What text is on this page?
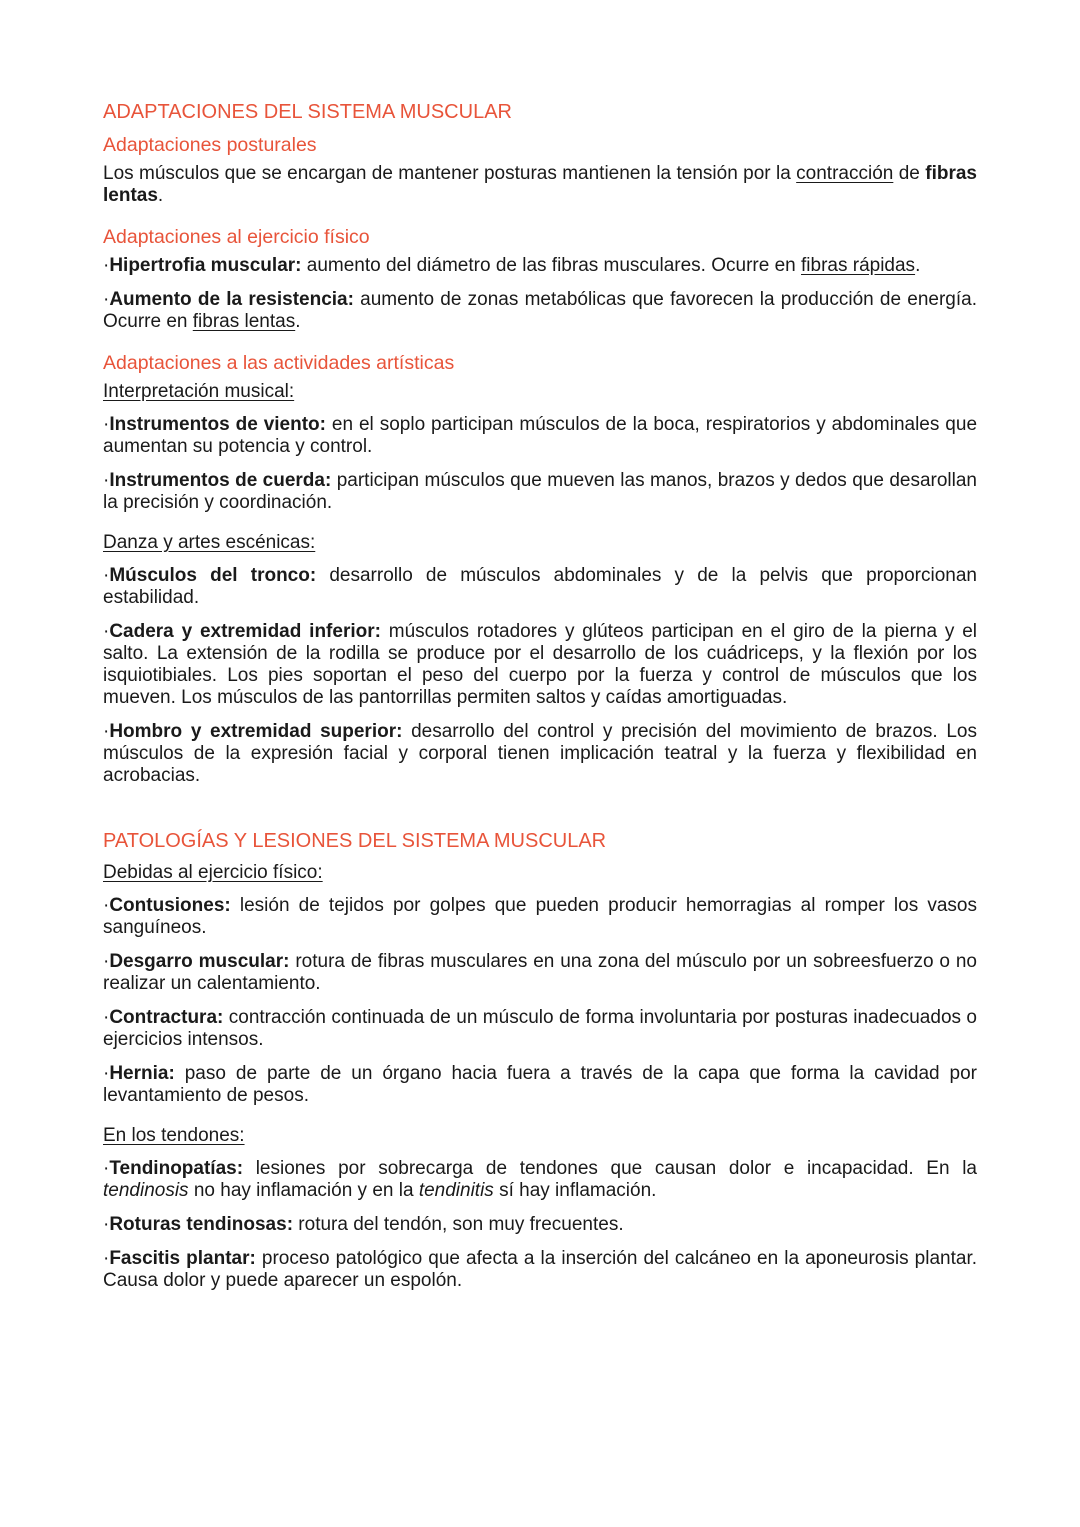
ADAPTACIONES DEL SISTEMA MUSCULAR
Adaptaciones posturales

Los músculos que se encargan de mantener posturas mantienen la tensión por la contracción de fibras lentas.

Adaptaciones al ejercicio físico

·Hipertrofia muscular: aumento del diámetro de las fibras musculares. Ocurre en fibras rápidas.

·Aumento de la resistencia: aumento de zonas metabólicas que favorecen la producción de energía. Ocurre en fibras lentas.

Adaptaciones a las actividades artísticas
Interpretación musical:

·Instrumentos de viento: en el soplo participan músculos de la boca, respiratorios y abdominales que aumentan su potencia y control.

·Instrumentos de cuerda: participan músculos que mueven las manos, brazos y dedos que desarollan la precisión y coordinación.

Danza y artes escénicas:

·Músculos del tronco: desarrollo de músculos abdominales y de la pelvis que proporcionan estabilidad.

·Cadera y extremidad inferior: músculos rotadores y glúteos participan en el giro de la pierna y el salto. La extensión de la rodilla se produce por el desarrollo de los cuádriceps, y la flexión por los isquiotibiales. Los pies soportan el peso del cuerpo por la fuerza y control de músculos que los mueven. Los músculos de las pantorrillas permiten saltos y caídas amortiguadas.

·Hombro y extremidad superior: desarrollo del control y precisión del movimiento de brazos. Los músculos de la expresión facial y corporal tienen implicación teatral y la fuerza y flexibilidad en acrobacias.

PATOLOGÍAS Y LESIONES DEL SISTEMA MUSCULAR
Debidas al ejercicio físico:

·Contusiones: lesión de tejidos por golpes que pueden producir hemorragias al romper los vasos sanguíneos.

·Desgarro muscular: rotura de fibras musculares en una zona del músculo por un sobreesfuerzo o no realizar un calentamiento.

·Contractura: contracción continuada de un músculo de forma involuntaria por posturas inadecuados o ejercicios intensos.

·Hernia: paso de parte de un órgano hacia fuera a través de la capa que forma la cavidad por levantamiento de pesos.

En los tendones:

·Tendinopatías: lesiones por sobrecarga de tendones que causan dolor e incapacidad. En la tendinosis no hay inflamación y en la tendinitis sí hay inflamación.

·Roturas tendinosas: rotura del tendón, son muy frecuentes.

·Fascitis plantar: proceso patológico que afecta a la inserción del calcáneo en la aponeurosis plantar. Causa dolor y puede aparecer un espolón.
